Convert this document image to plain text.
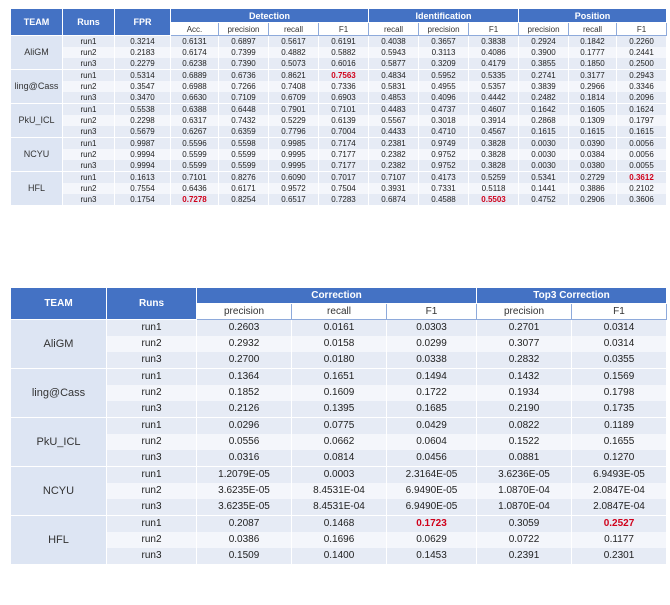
TEAM	Runs	FPR	Detection				Identification			Position		
			Acc.	precision	recall	F1	recall	precision	F1	precision	recall	F1
AliGM	run1	0.3214	0.6131	0.6897	0.5617	0.6191	0.4038	0.3657	0.3838	0.2924	0.1842	0.2260
	run2	0.2183	0.6174	0.7399	0.4882	0.5882	0.5943	0.3113	0.4086	0.3900	0.1777	0.2441
	run3	0.2279	0.6238	0.7390	0.5073	0.6016	0.5877	0.3209	0.4179	0.3855	0.1850	0.2500
ling@Cass	run1	0.5314	0.6889	0.6736	0.8621	0.7563	0.4834	0.5952	0.5335	0.2741	0.3177	0.2943
	run2	0.3547	0.6988	0.7266	0.7408	0.7336	0.5831	0.4955	0.5357	0.3839	0.2966	0.3346
	run3	0.3470	0.6630	0.7109	0.6709	0.6903	0.4853	0.4096	0.4442	0.2482	0.1814	0.2096
PkU_ICL	run1	0.5538	0.6388	0.6448	0.7901	0.7101	0.4483	0.4737	0.4607	0.1642	0.1605	0.1624
	run2	0.2298	0.6317	0.7432	0.5229	0.6139	0.5567	0.3018	0.3914	0.2868	0.1309	0.1797
	run3	0.5679	0.6267	0.6359	0.7796	0.7004	0.4433	0.4710	0.4567	0.1615	0.1615	0.1615
NCYU	run1	0.9987	0.5596	0.5598	0.9985	0.7174	0.2381	0.9749	0.3828	0.0030	0.0390	0.0056
	run2	0.9994	0.5599	0.5599	0.9995	0.7177	0.2382	0.9752	0.3828	0.0030	0.0384	0.0056
	run3	0.9994	0.5599	0.5599	0.9995	0.7177	0.2382	0.9752	0.3828	0.0030	0.0380	0.0055
HFL	run1	0.1613	0.7101	0.8276	0.6090	0.7017	0.7107	0.4173	0.5259	0.5341	0.2729	0.3612
	run2	0.7554	0.6436	0.6171	0.9572	0.7504	0.3931	0.7331	0.5118	0.1441	0.3886	0.2102
	run3	0.1754	0.7278	0.8254	0.6517	0.7283	0.6874	0.4588	0.5503	0.4752	0.2906	0.3606
TEAM	Runs	Correction			Top3 Correction	
		precision	recall	F1	precision	F1
AliGM	run1	0.2603	0.0161	0.0303	0.2701	0.0314
	run2	0.2932	0.0158	0.0299	0.3077	0.0314
	run3	0.2700	0.0180	0.0338	0.2832	0.0355
ling@Cass	run1	0.1364	0.1651	0.1494	0.1432	0.1569
	run2	0.1852	0.1609	0.1722	0.1934	0.1798
	run3	0.2126	0.1395	0.1685	0.2190	0.1735
PkU_ICL	run1	0.0296	0.0775	0.0429	0.0822	0.1189
	run2	0.0556	0.0662	0.0604	0.1522	0.1655
	run3	0.0316	0.0814	0.0456	0.0881	0.1270
NCYU	run1	1.2079E-05	0.0003	2.3164E-05	3.6236E-05	6.9493E-05
	run2	3.6235E-05	8.4531E-04	6.9490E-05	1.0870E-04	2.0847E-04
	run3	3.6235E-05	8.4531E-04	6.9490E-05	1.0870E-04	2.0847E-04
HFL	run1	0.2087	0.1468	0.1723	0.3059	0.2527
	run2	0.0386	0.1696	0.0629	0.0722	0.1177
	run3	0.1509	0.1400	0.1453	0.2391	0.2301
